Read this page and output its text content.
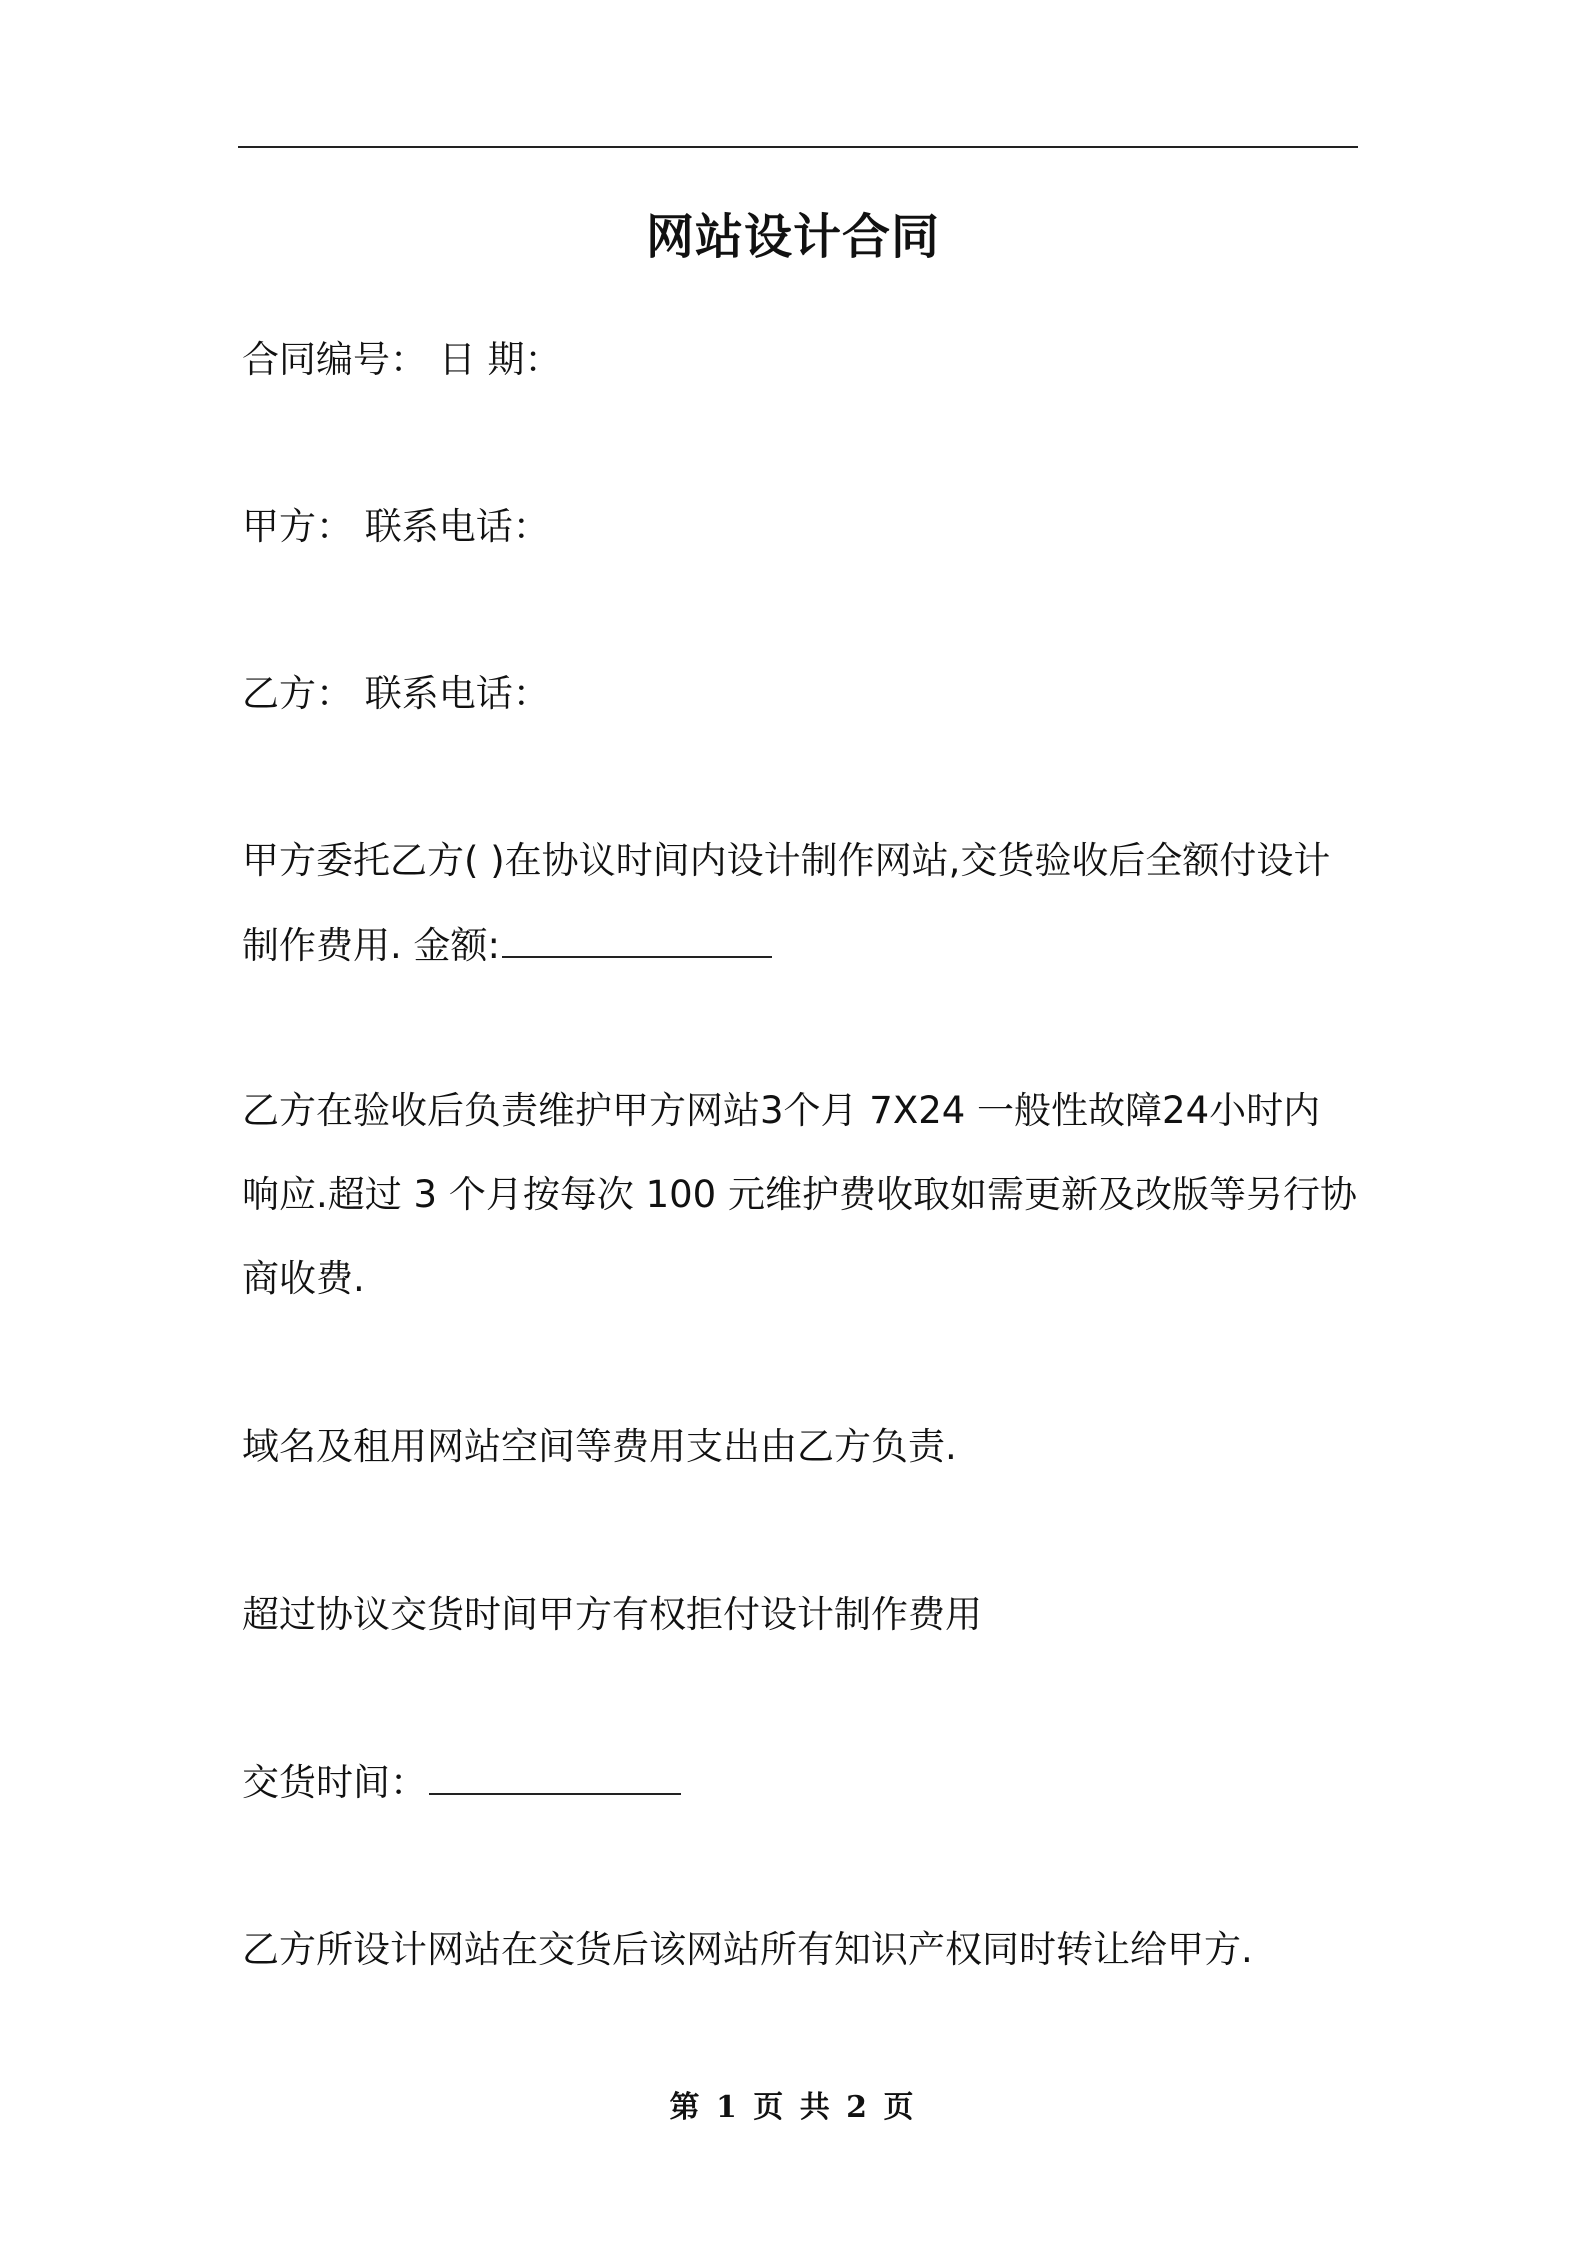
网站设计合同
合同编号： 日 期：
甲方： 联系电话：
乙方： 联系电话：
甲方委托乙方( )在协议时间内设计制作网站,交货验收后全额付设计
制作费用. 金额:
乙方在验收后负责维护甲方网站3个月 7X24 一般性故障24小时内
响应.超过 3 个月按每次 100 元维护费收取如需更新及改版等另行协
商收费.
域名及租用网站空间等费用支出由乙方负责.
超过协议交货时间甲方有权拒付设计制作费用
交货时间：
乙方所设计网站在交货后该网站所有知识产权同时转让给甲方.
第 1 页 共 2 页
